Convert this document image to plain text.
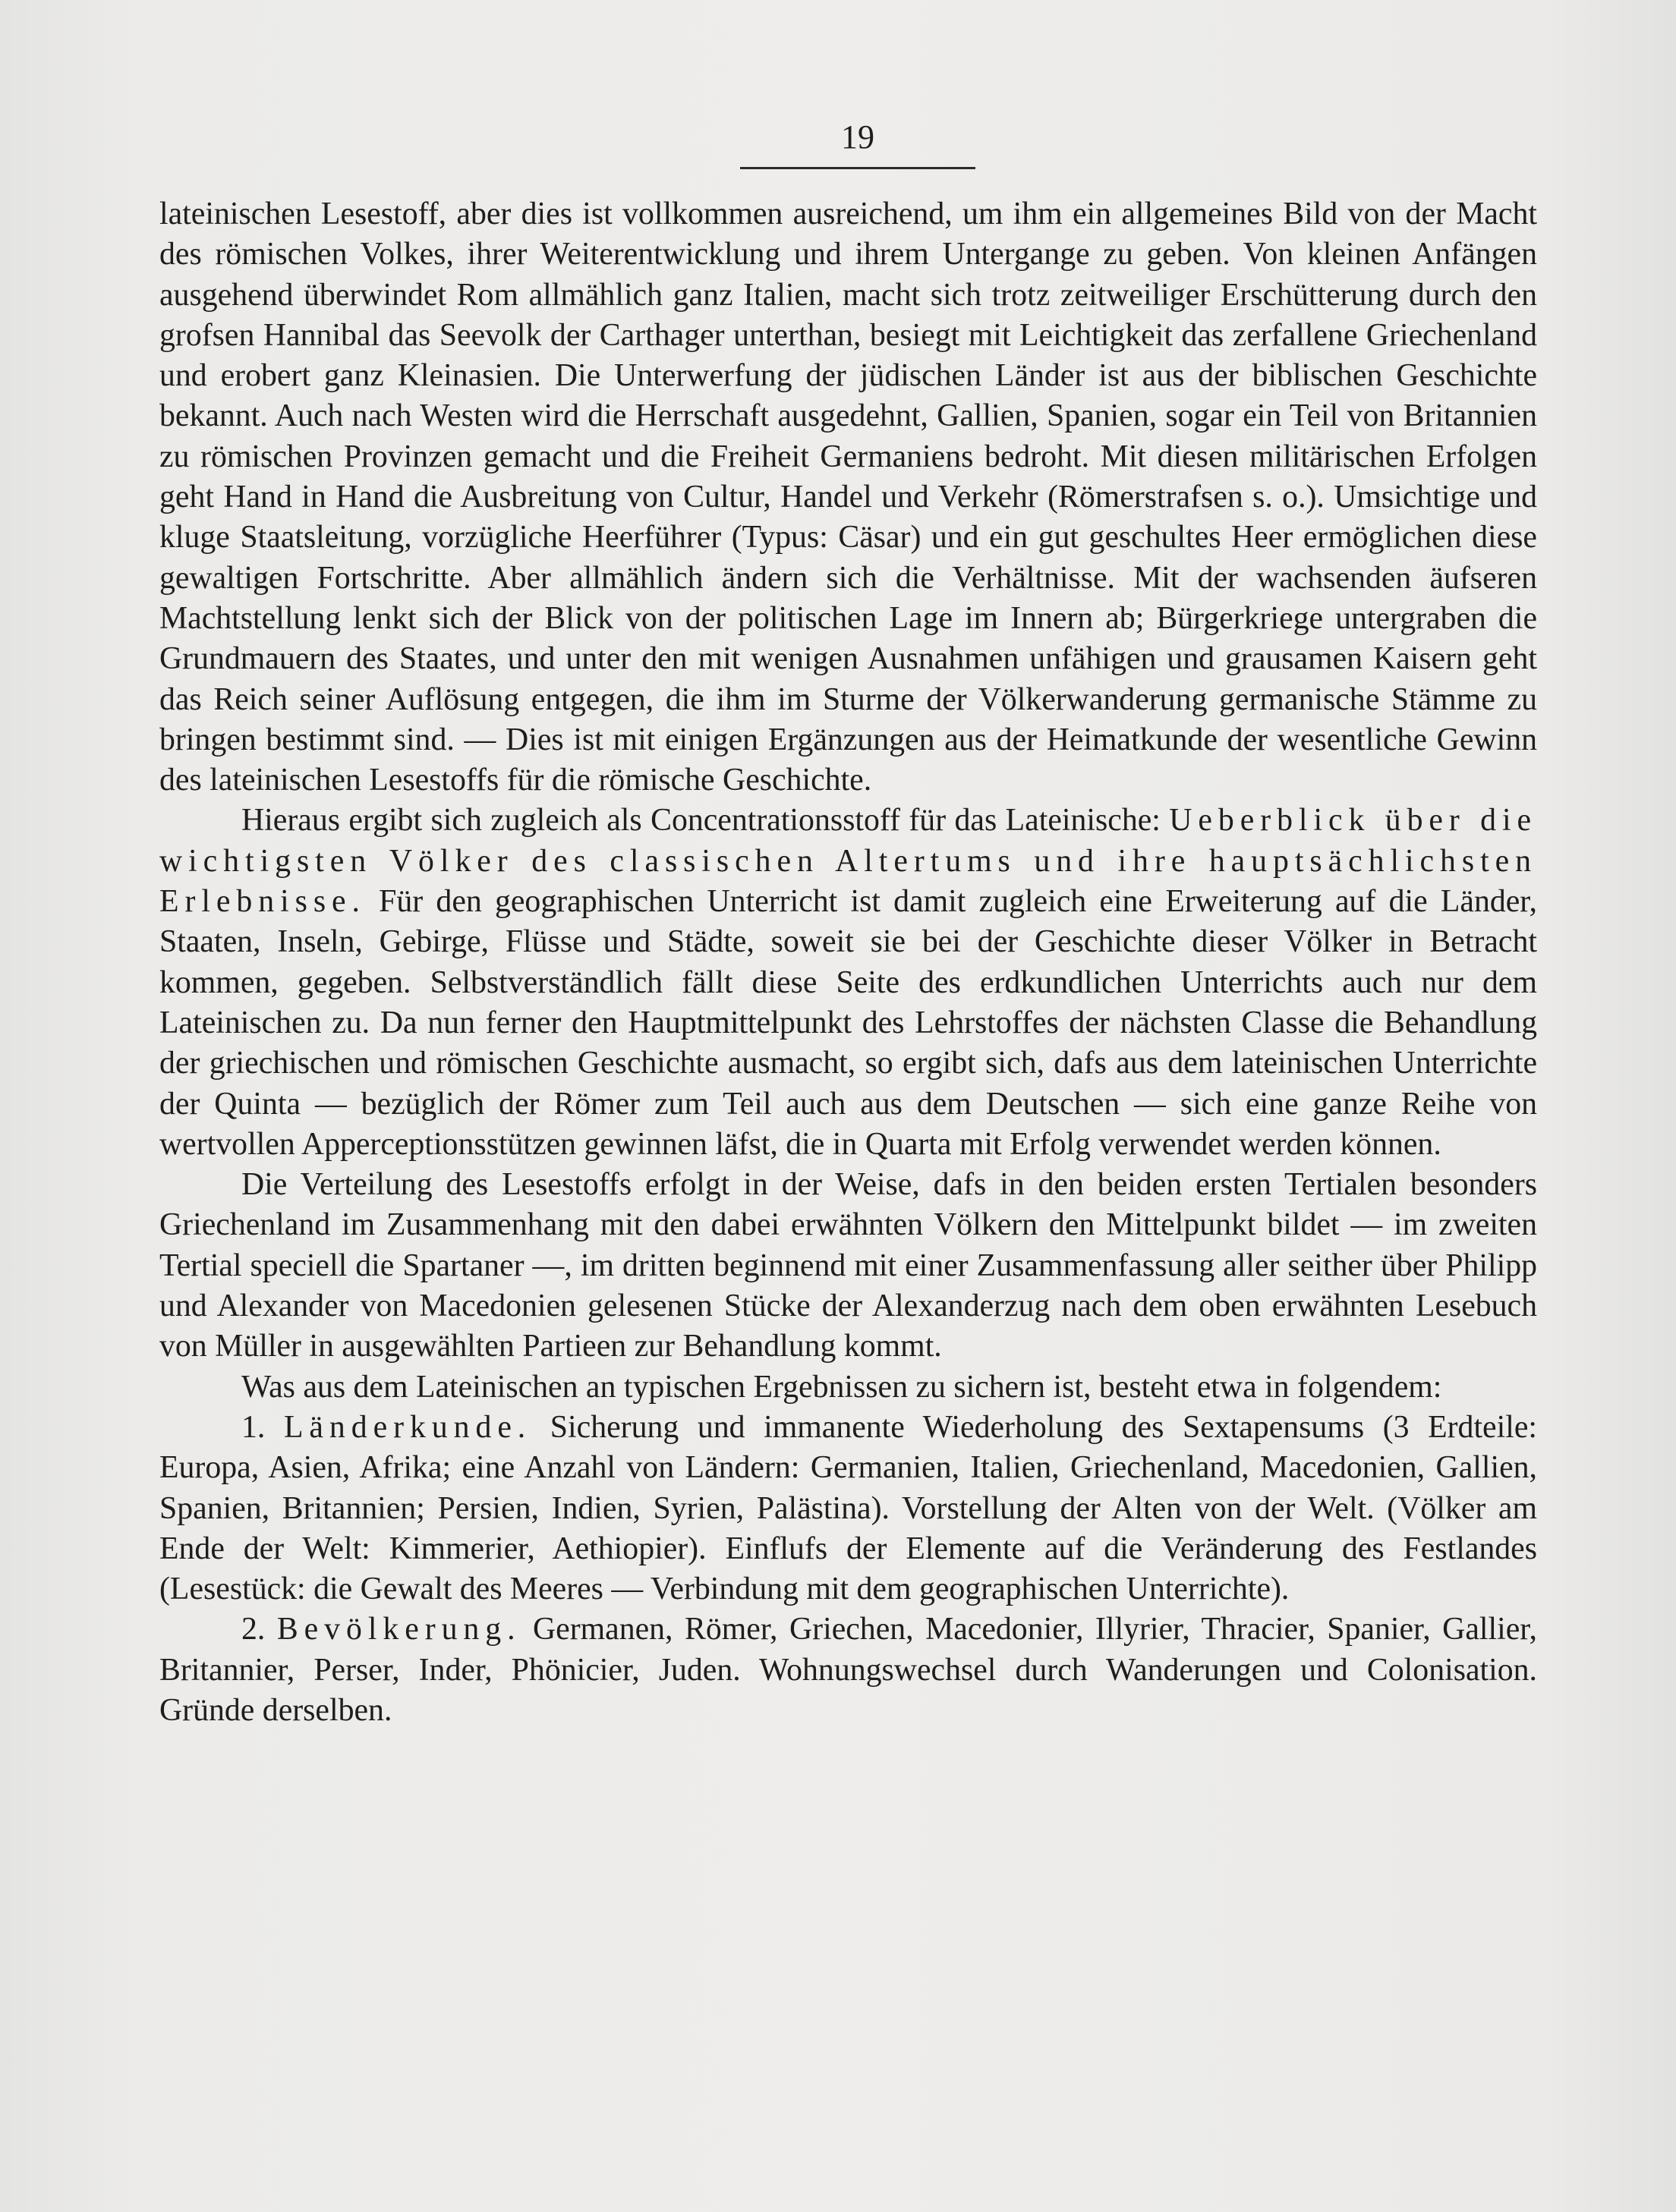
19

lateinischen Lesestoff, aber dies ist vollkommen ausreichend, um ihm ein allgemeines Bild von der Macht des römischen Volkes, ihrer Weiterentwicklung und ihrem Untergange zu geben. Von kleinen Anfängen ausgehend überwindet Rom allmählich ganz Italien, macht sich trotz zeitweiliger Erschütterung durch den grofsen Hannibal das Seevolk der Carthager unterthan, besiegt mit Leichtigkeit das zerfallene Griechenland und erobert ganz Kleinasien. Die Unterwerfung der jüdischen Länder ist aus der biblischen Geschichte bekannt. Auch nach Westen wird die Herrschaft ausgedehnt, Gallien, Spanien, sogar ein Teil von Britannien zu römischen Provinzen gemacht und die Freiheit Germaniens bedroht. Mit diesen militärischen Erfolgen geht Hand in Hand die Ausbreitung von Cultur, Handel und Verkehr (Römerstrafsen s. o.). Umsichtige und kluge Staatsleitung, vorzügliche Heerführer (Typus: Cäsar) und ein gut geschultes Heer ermöglichen diese gewaltigen Fortschritte. Aber allmählich ändern sich die Verhältnisse. Mit der wachsenden äufseren Machtstellung lenkt sich der Blick von der politischen Lage im Innern ab; Bürgerkriege untergraben die Grundmauern des Staates, und unter den mit wenigen Ausnahmen unfähigen und grausamen Kaisern geht das Reich seiner Auflösung entgegen, die ihm im Sturme der Völkerwanderung germanische Stämme zu bringen bestimmt sind. — Dies ist mit einigen Ergänzungen aus der Heimatkunde der wesentliche Gewinn des lateinischen Lesestoffs für die römische Geschichte.

Hieraus ergibt sich zugleich als Concentrationsstoff für das Lateinische: Ueberblick über die wichtigsten Völker des classischen Altertums und ihre hauptsächlichsten Erlebnisse. Für den geographischen Unterricht ist damit zugleich eine Erweiterung auf die Länder, Staaten, Inseln, Gebirge, Flüsse und Städte, soweit sie bei der Geschichte dieser Völker in Betracht kommen, gegeben. Selbstverständlich fällt diese Seite des erdkundlichen Unterrichts auch nur dem Lateinischen zu. Da nun ferner den Hauptmittelpunkt des Lehrstoffes der nächsten Classe die Behandlung der griechischen und römischen Geschichte ausmacht, so ergibt sich, dafs aus dem lateinischen Unterrichte der Quinta — bezüglich der Römer zum Teil auch aus dem Deutschen — sich eine ganze Reihe von wertvollen Apperceptionsstützen gewinnen läfst, die in Quarta mit Erfolg verwendet werden können.

Die Verteilung des Lesestoffs erfolgt in der Weise, dafs in den beiden ersten Tertialen besonders Griechenland im Zusammenhang mit den dabei erwähnten Völkern den Mittelpunkt bildet — im zweiten Tertial speciell die Spartaner —, im dritten beginnend mit einer Zusammenfassung aller seither über Philipp und Alexander von Macedonien gelesenen Stücke der Alexanderzug nach dem oben erwähnten Lesebuch von Müller in ausgewählten Partieen zur Behandlung kommt.

Was aus dem Lateinischen an typischen Ergebnissen zu sichern ist, besteht etwa in folgendem:

1. Länderkunde. Sicherung und immanente Wiederholung des Sextapensums (3 Erdteile: Europa, Asien, Afrika; eine Anzahl von Ländern: Germanien, Italien, Griechenland, Macedonien, Gallien, Spanien, Britannien; Persien, Indien, Syrien, Palästina). Vorstellung der Alten von der Welt. (Völker am Ende der Welt: Kimmerier, Aethiopier). Einflufs der Elemente auf die Veränderung des Festlandes (Lesestück: die Gewalt des Meeres — Verbindung mit dem geographischen Unterrichte).

2. Bevölkerung. Germanen, Römer, Griechen, Macedonier, Illyrier, Thracier, Spanier, Gallier, Britannier, Perser, Inder, Phönicier, Juden. Wohnungswechsel durch Wanderungen und Colonisation. Gründe derselben.
